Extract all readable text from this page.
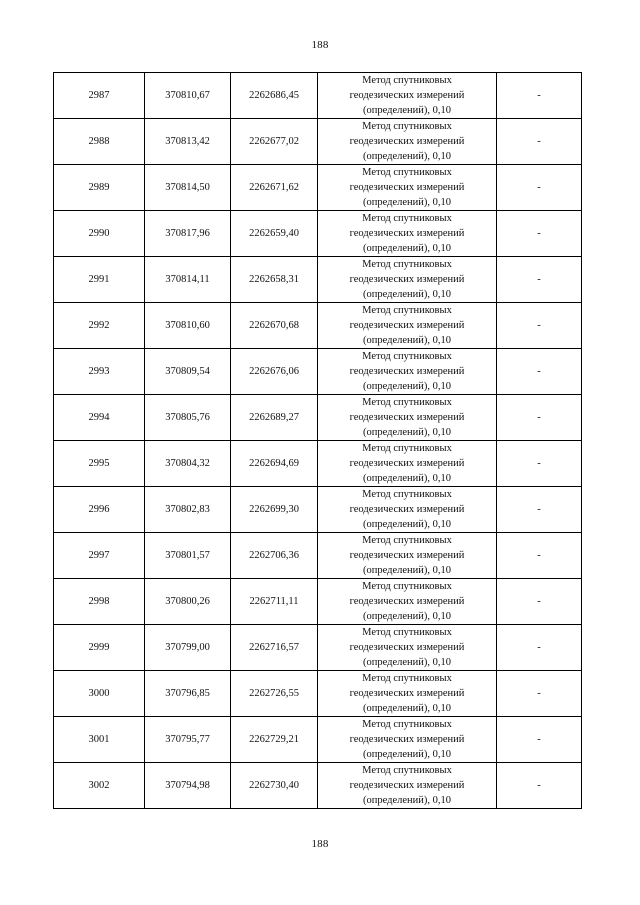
188
2987	370810,67	2262686,45	Метод спутниковых
геодезических измерений
(определений), 0,10	-
2988	370813,42	2262677,02	Метод спутниковых
геодезических измерений
(определений), 0,10	-
2989	370814,50	2262671,62	Метод спутниковых
геодезических измерений
(определений), 0,10	-
2990	370817,96	2262659,40	Метод спутниковых
геодезических измерений
(определений), 0,10	-
2991	370814,11	2262658,31	Метод спутниковых
геодезических измерений
(определений), 0,10	-
2992	370810,60	2262670,68	Метод спутниковых
геодезических измерений
(определений), 0,10	-
2993	370809,54	2262676,06	Метод спутниковых
геодезических измерений
(определений), 0,10	-
2994	370805,76	2262689,27	Метод спутниковых
геодезических измерений
(определений), 0,10	-
2995	370804,32	2262694,69	Метод спутниковых
геодезических измерений
(определений), 0,10	-
2996	370802,83	2262699,30	Метод спутниковых
геодезических измерений
(определений), 0,10	-
2997	370801,57	2262706,36	Метод спутниковых
геодезических измерений
(определений), 0,10	-
2998	370800,26	2262711,11	Метод спутниковых
геодезических измерений
(определений), 0,10	-
2999	370799,00	2262716,57	Метод спутниковых
геодезических измерений
(определений), 0,10	-
3000	370796,85	2262726,55	Метод спутниковых
геодезических измерений
(определений), 0,10	-
3001	370795,77	2262729,21	Метод спутниковых
геодезических измерений
(определений), 0,10	-
3002	370794,98	2262730,40	Метод спутниковых
геодезических измерений
(определений), 0,10	-
188
